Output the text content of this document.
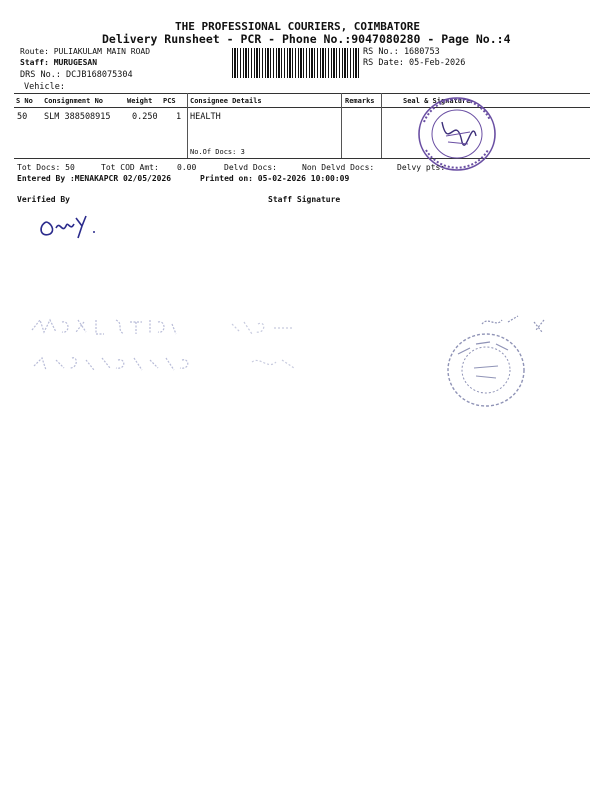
THE PROFESSIONAL COURIERS, COIMBATORE
Delivery Runsheet - PCR - Phone No.:9047080280 - Page No.:4
Route: PULIAKULAM MAIN ROAD
Staff: MURUGESAN
DRS No.: DCJB168075304
Vehicle:
RS No.: 1680753
RS Date: 05-Feb-2026
S No Consignment No	Weight PCS Consignee Details	Remarks	Seal & Signature
50 SLM 388508915	0.250 1 HEALTH
No.Of Docs: 3
Tot Docs: 50	Tot COD Amt: 0.00	Delvd Docs:	Non Delvd Docs:	Delvy pts:
Entered By :MENAKAPCR 02/05/2026	Printed on: 05-02-2026 10:00:09
Verified By	Staff Signature
